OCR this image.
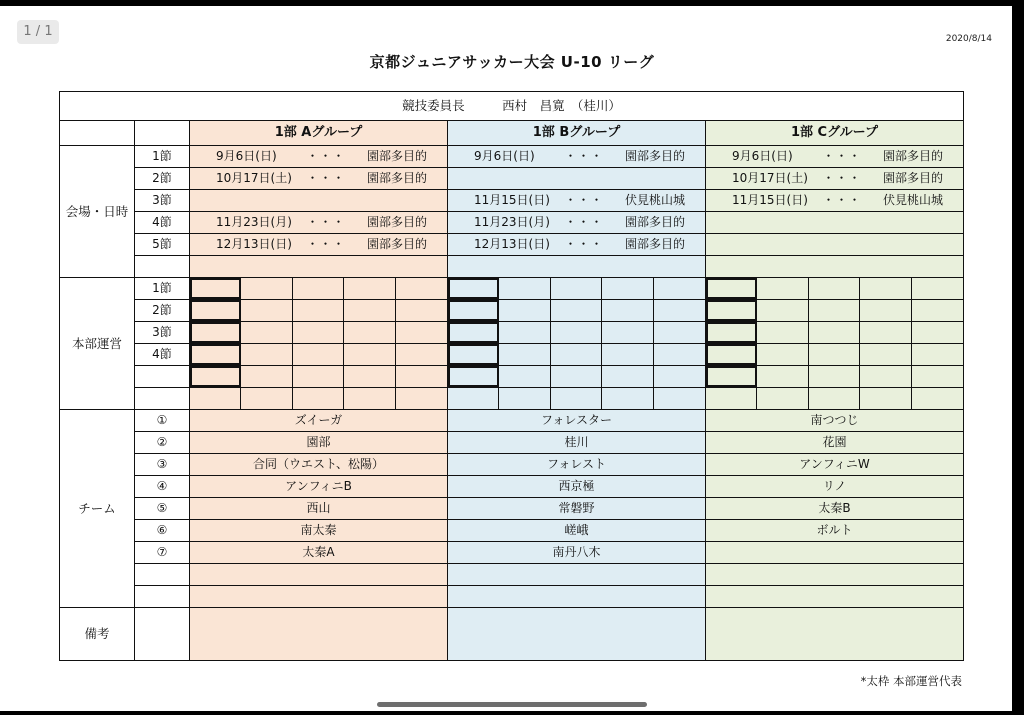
1 / 1	2020/8/14
京都ジュニアサッカー大会 U-10 リーグ
競技委員長　　　西村　昌寛　（桂川）				
		1部 Aグループ	1部 Bグループ	1部 Cグループ
会場・日時	1節	9月6日(日) ・・・ 園部多目的	9月6日(日) ・・・ 園部多目的	9月6日(日) ・・・ 園部多目的

	2節	10月17日(土) ・・・ 園部多目的		10月17日(土) ・・・ 園部多目的

	3節		11月15日(日) ・・・ 伏見桃山城	11月15日(日) ・・・ 伏見桃山城

	4節	11月23日(月) ・・・ 園部多目的	11月23日(月) ・・・ 園部多目的	

	5節	12月13日(日) ・・・ 園部多目的	12月13日(日) ・・・ 園部多目的	

本部運営	1節	

	2節	

	3節	

	4節	

チーム	①	ズイーガ	フォレスター	南つつじ
	②	園部	桂川	花園
	③	合同（ウエスト、松陽）	フォレスト	アンフィニW
	④	アンフィニB	西京極	リノ
	⑤	西山	常磐野	太秦B
	⑥	南太秦	嵯峨	ボルト
	⑦	太秦A	南丹八木	

備考				
*太枠 本部運営代表
